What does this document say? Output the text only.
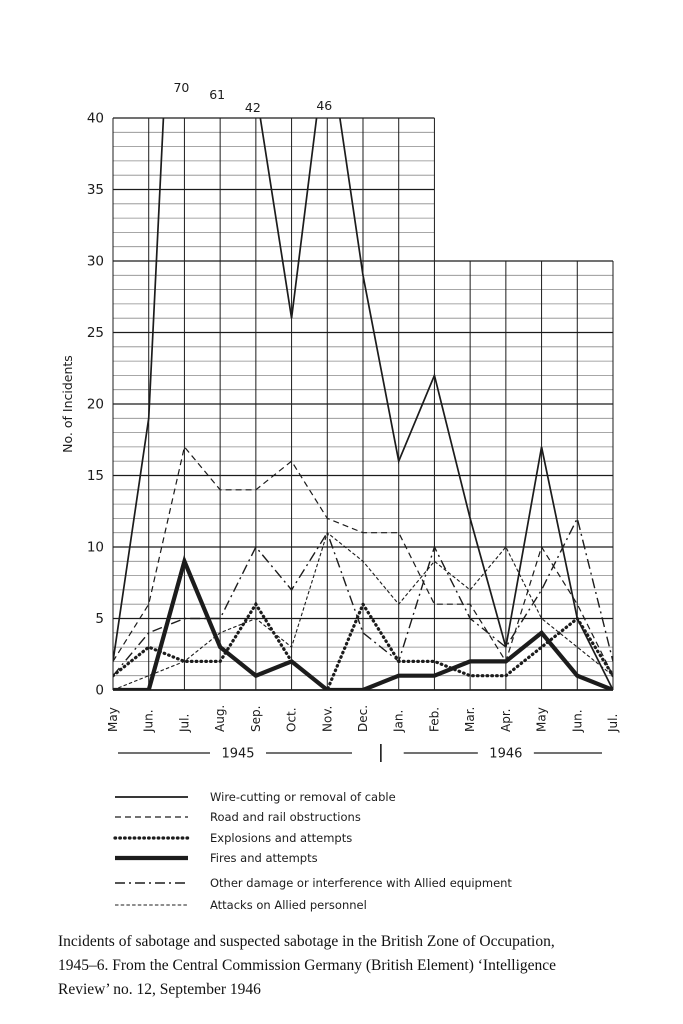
70 61
42	46
0
5
10
15
20
25
30
35
40
No. of Incidents
May Jun. Jul. Aug. Sep. Oct. Nov. Dec. Jan. Feb. Mar. Apr. May Jun. Jul.
1945	1946
Wire-cutting or removal of cable
Road and rail obstructions
Explosions and attempts
Fires and attempts
Other damage or interference with Allied equipment
Attacks on Allied personnel
Incidents of sabotage and suspected sabotage in the British Zone of Occupation,
1945–6. From the Central Commission Germany (British Element) ‘Intelligence
Review’ no. 12, September 1946
